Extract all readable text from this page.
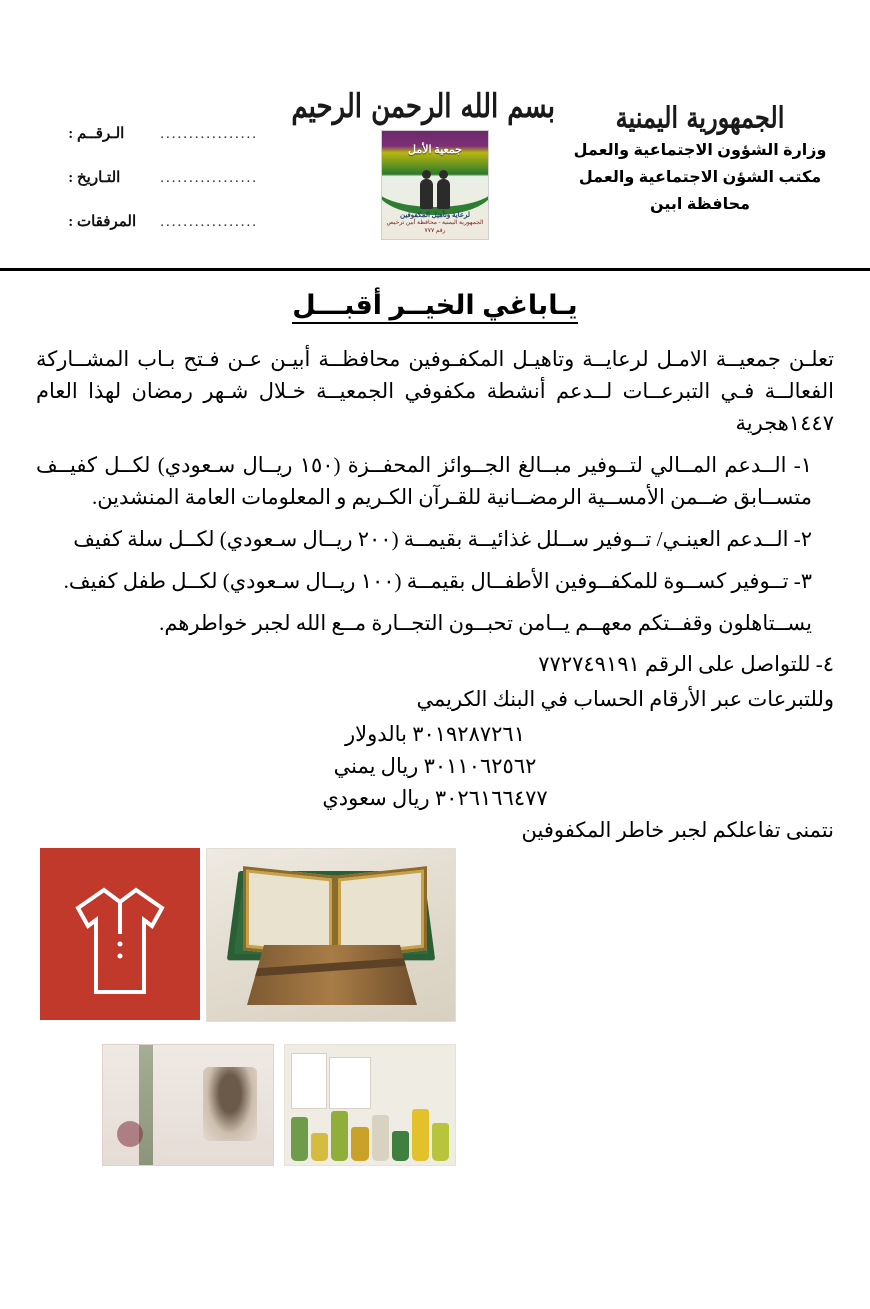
.................
الـرقــم :
.................
التـاريخ :
.................
المرفقات :
بسم الله الرحمن الرحيم
جمعية الأمل
لرعاية وتأهيل المكفوفين
الجمهورية اليمنية - محافظة أبين ترخيص رقم ٧٧٧
الجمهورية اليمنية
وزارة الشؤون الاجتماعية والعمل
مكتب الشؤن الاجتماعية والعمل
محافظة ابين
يـاباغي الخيــر أقبـــل

تعلـن جمعيــة الامـل لرعايــة وتاهيـل المكفـوفين محافظــة أبيـن عـن فـتح بـاب المشــاركة الفعالــة فـي التبرعــات لــدعم أنشطة مكفوفي الجمعيــة خـلال شـهر رمضان لهذا العام ١٤٤٧هجرية

١- الــدعم المــالي لتــوفير مبــالغ الجــوائز المحفــزة (١٥٠ ريــال سـعودي) لكــل كفيــف متســابق ضــمن الأمســية الرمضــانية للقـرآن الكـريم و المعلومات العامة المنشدين.

٢- الــدعم العينـي/ تــوفير ســلل غذائيــة بقيمــة (٢٠٠ ريــال سـعودي) لكــل سلة كفيف

٣- تــوفير كســوة للمكفــوفين الأطفــال بقيمــة (١٠٠ ريــال سـعودي) لكــل طفل كفيف.

يســتاهلون وقفــتكم معهــم يــامن تحبــون التجــارة مــع الله لجبر خواطرهم.

٤- للتواصل على الرقم ٧٧٢٧٤٩١٩١

وللتبرعات عبر الأرقام الحساب في البنك الكريمي

٣٠١٩٢٨٧٢٦١ بالدولار

٣٠١١٠٦٢٥٦٢ ريال يمني

٣٠٢٦١٦٦٤٧٧ ريال سعودي

نتمنى تفاعلكم لجبر خاطر المكفوفين
